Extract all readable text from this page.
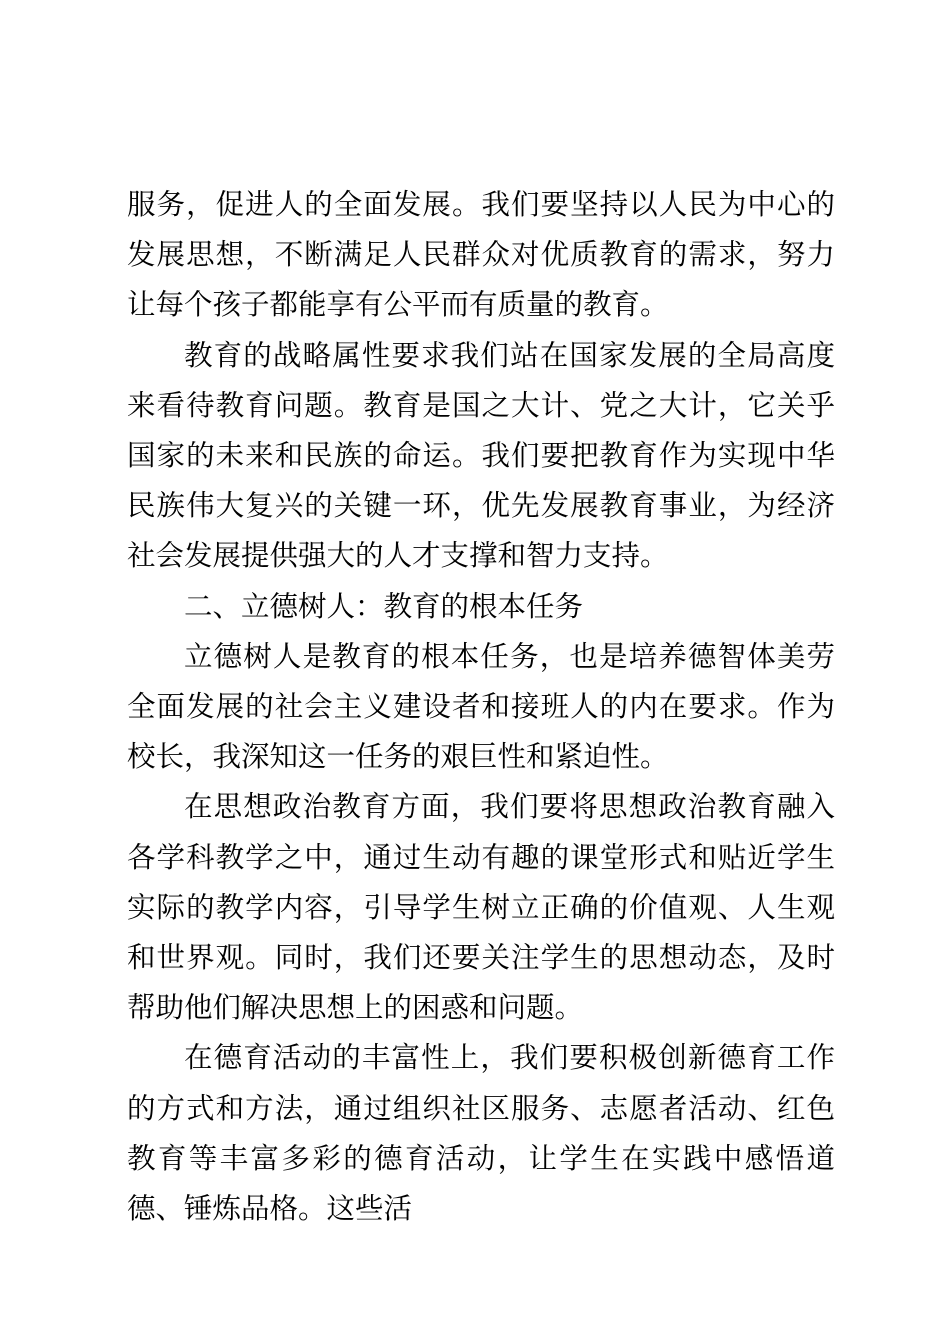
服务，促进人的全面发展。我们要坚持以人民为中心的发展思想，不断满足人民群众对优质教育的需求，努力让每个孩子都能享有公平而有质量的教育。

教育的战略属性要求我们站在国家发展的全局高度来看待教育问题。教育是国之大计、党之大计，它关乎国家的未来和民族的命运。我们要把教育作为实现中华民族伟大复兴的关键一环，优先发展教育事业，为经济社会发展提供强大的人才支撑和智力支持。

二、立德树人：教育的根本任务

立德树人是教育的根本任务，也是培养德智体美劳全面发展的社会主义建设者和接班人的内在要求。作为校长，我深知这一任务的艰巨性和紧迫性。

在思想政治教育方面，我们要将思想政治教育融入各学科教学之中，通过生动有趣的课堂形式和贴近学生实际的教学内容，引导学生树立正确的价值观、人生观和世界观。同时，我们还要关注学生的思想动态，及时帮助他们解决思想上的困惑和问题。

在德育活动的丰富性上，我们要积极创新德育工作的方式和方法，通过组织社区服务、志愿者活动、红色教育等丰富多彩的德育活动，让学生在实践中感悟道德、锤炼品格。这些活
